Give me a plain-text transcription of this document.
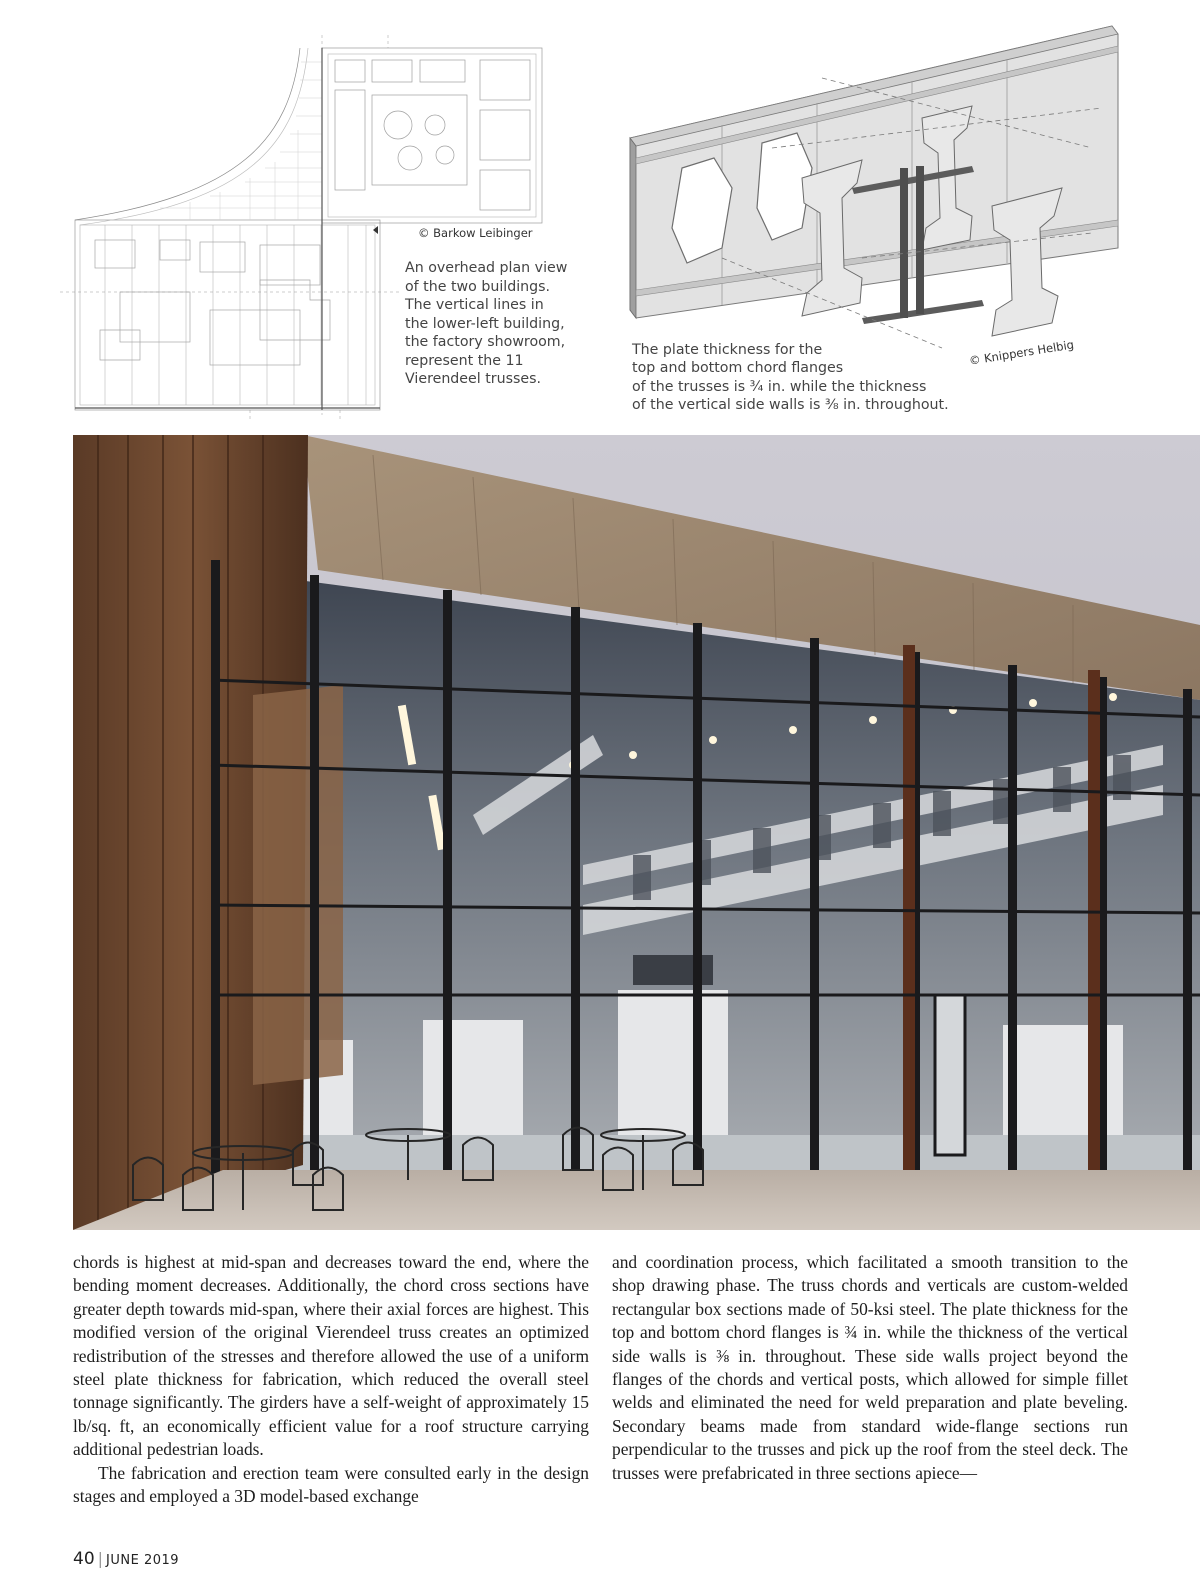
© Barkow Leibinger
An overhead plan view
of the two buildings.
The vertical lines in
the lower-left building,
the factory showroom,
represent the 11
Vierendeel trusses.
© Knippers Helbig
The plate thickness for the
top and bottom chord flanges
of the trusses is ¾ in. while the thickness
of the vertical side walls is ⅜ in. throughout.

chords is highest at mid-span and decreases toward the end, where the bending moment decreases. Additionally, the chord cross sections have greater depth towards mid-span, where their axial forces are highest. This modified version of the original Vierendeel truss creates an optimized redistribution of the stresses and therefore allowed the use of a uniform steel plate thickness for fabrication, which reduced the overall steel tonnage significantly. The girders have a self-weight of approximately 15 lb/sq. ft, an economically efficient value for a roof structure carrying additional pedestrian loads.

The fabrication and erection team were consulted early in the design stages and employed a 3D model-based exchange

and coordination process, which facilitated a smooth transition to the shop drawing phase. The truss chords and verticals are custom-welded rectangular box sections made of 50-ksi steel. The plate thickness for the top and bottom chord flanges is ¾ in. while the thickness of the vertical side walls is ⅜ in. throughout. These side walls project beyond the flanges of the chords and vertical posts, which allowed for simple fillet welds and eliminated the need for weld preparation and plate beveling. Secondary beams made from standard wide-flange sections run perpendicular to the trusses and pick up the roof from the steel deck. The trusses were prefabricated in three sections apiece—

40 | JUNE 2019
